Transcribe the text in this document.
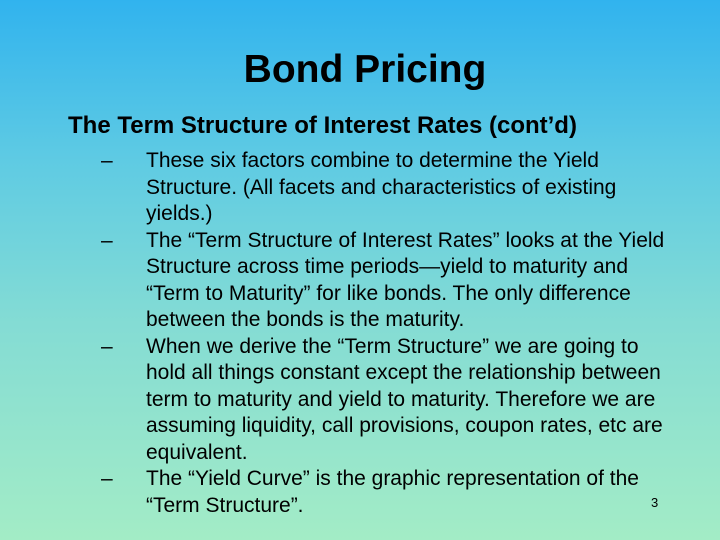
Bond Pricing
The Term Structure of Interest Rates (cont’d)
– These six factors combine to determine the Yield Structure. (All facets and characteristics of existing yields.)
– The “Term Structure of Interest Rates” looks at the Yield Structure across time periods—yield to maturity and “Term to Maturity” for like bonds. The only difference between the bonds is the maturity.
– When we derive the “Term Structure” we are going to hold all things constant except the relationship between term to maturity and yield to maturity. Therefore we are assuming liquidity, call provisions, coupon rates, etc are equivalent.
– The “Yield Curve” is the graphic representation of the “Term Structure”.	3
